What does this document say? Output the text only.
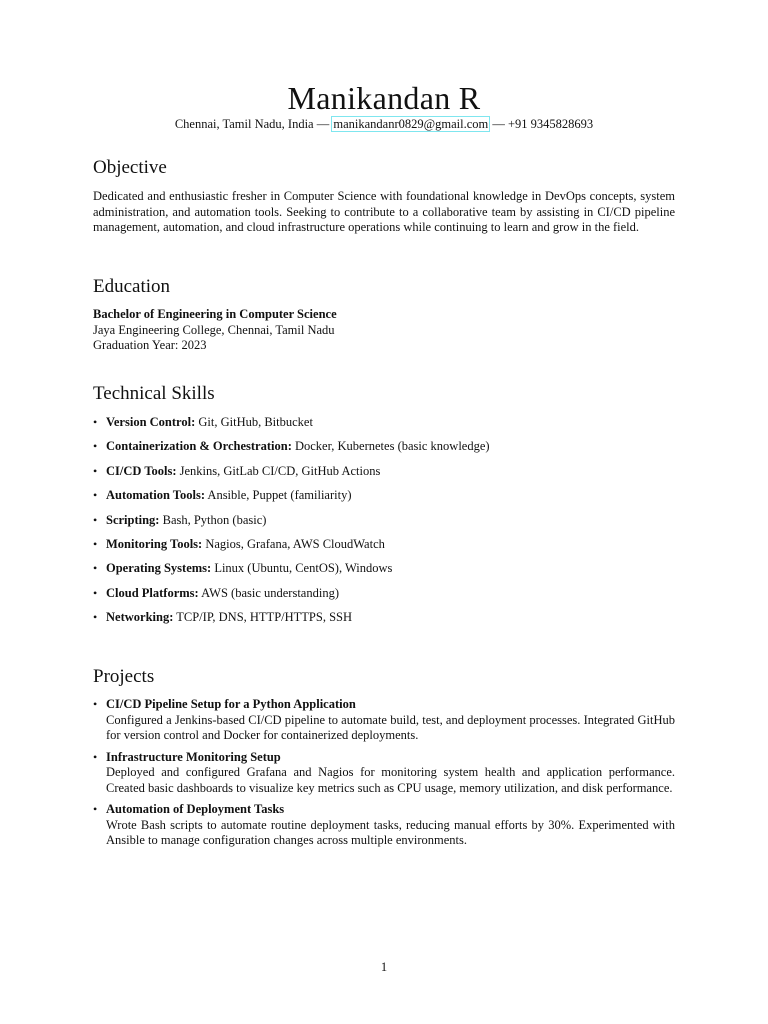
Manikandan R
Chennai, Tamil Nadu, India — manikandanr0829@gmail.com — +91 9345828693
Objective

Dedicated and enthusiastic fresher in Computer Science with foundational knowledge in DevOps concepts, system administration, and automation tools. Seeking to contribute to a collaborative team by assisting in CI/CD pipeline management, automation, and cloud infrastructure operations while continuing to learn and grow in the field.

Education
Bachelor of Engineering in Computer Science
Jaya Engineering College, Chennai, Tamil Nadu
Graduation Year: 2023
Technical Skills
• Version Control: Git, GitHub, Bitbucket
• Containerization & Orchestration: Docker, Kubernetes (basic knowledge)
• CI/CD Tools: Jenkins, GitLab CI/CD, GitHub Actions
• Automation Tools: Ansible, Puppet (familiarity)
• Scripting: Bash, Python (basic)
• Monitoring Tools: Nagios, Grafana, AWS CloudWatch
• Operating Systems: Linux (Ubuntu, CentOS), Windows
• Cloud Platforms: AWS (basic understanding)
• Networking: TCP/IP, DNS, HTTP/HTTPS, SSH
Projects
• CI/CD Pipeline Setup for a Python Application
Configured a Jenkins-based CI/CD pipeline to automate build, test, and deployment processes. Integrated GitHub for version control and Docker for containerized deployments.
• Infrastructure Monitoring Setup
Deployed and configured Grafana and Nagios for monitoring system health and application performance. Created basic dashboards to visualize key metrics such as CPU usage, memory utilization, and disk performance.
• Automation of Deployment Tasks
Wrote Bash scripts to automate routine deployment tasks, reducing manual efforts by 30%. Experimented with Ansible to manage configuration changes across multiple environments.
1
